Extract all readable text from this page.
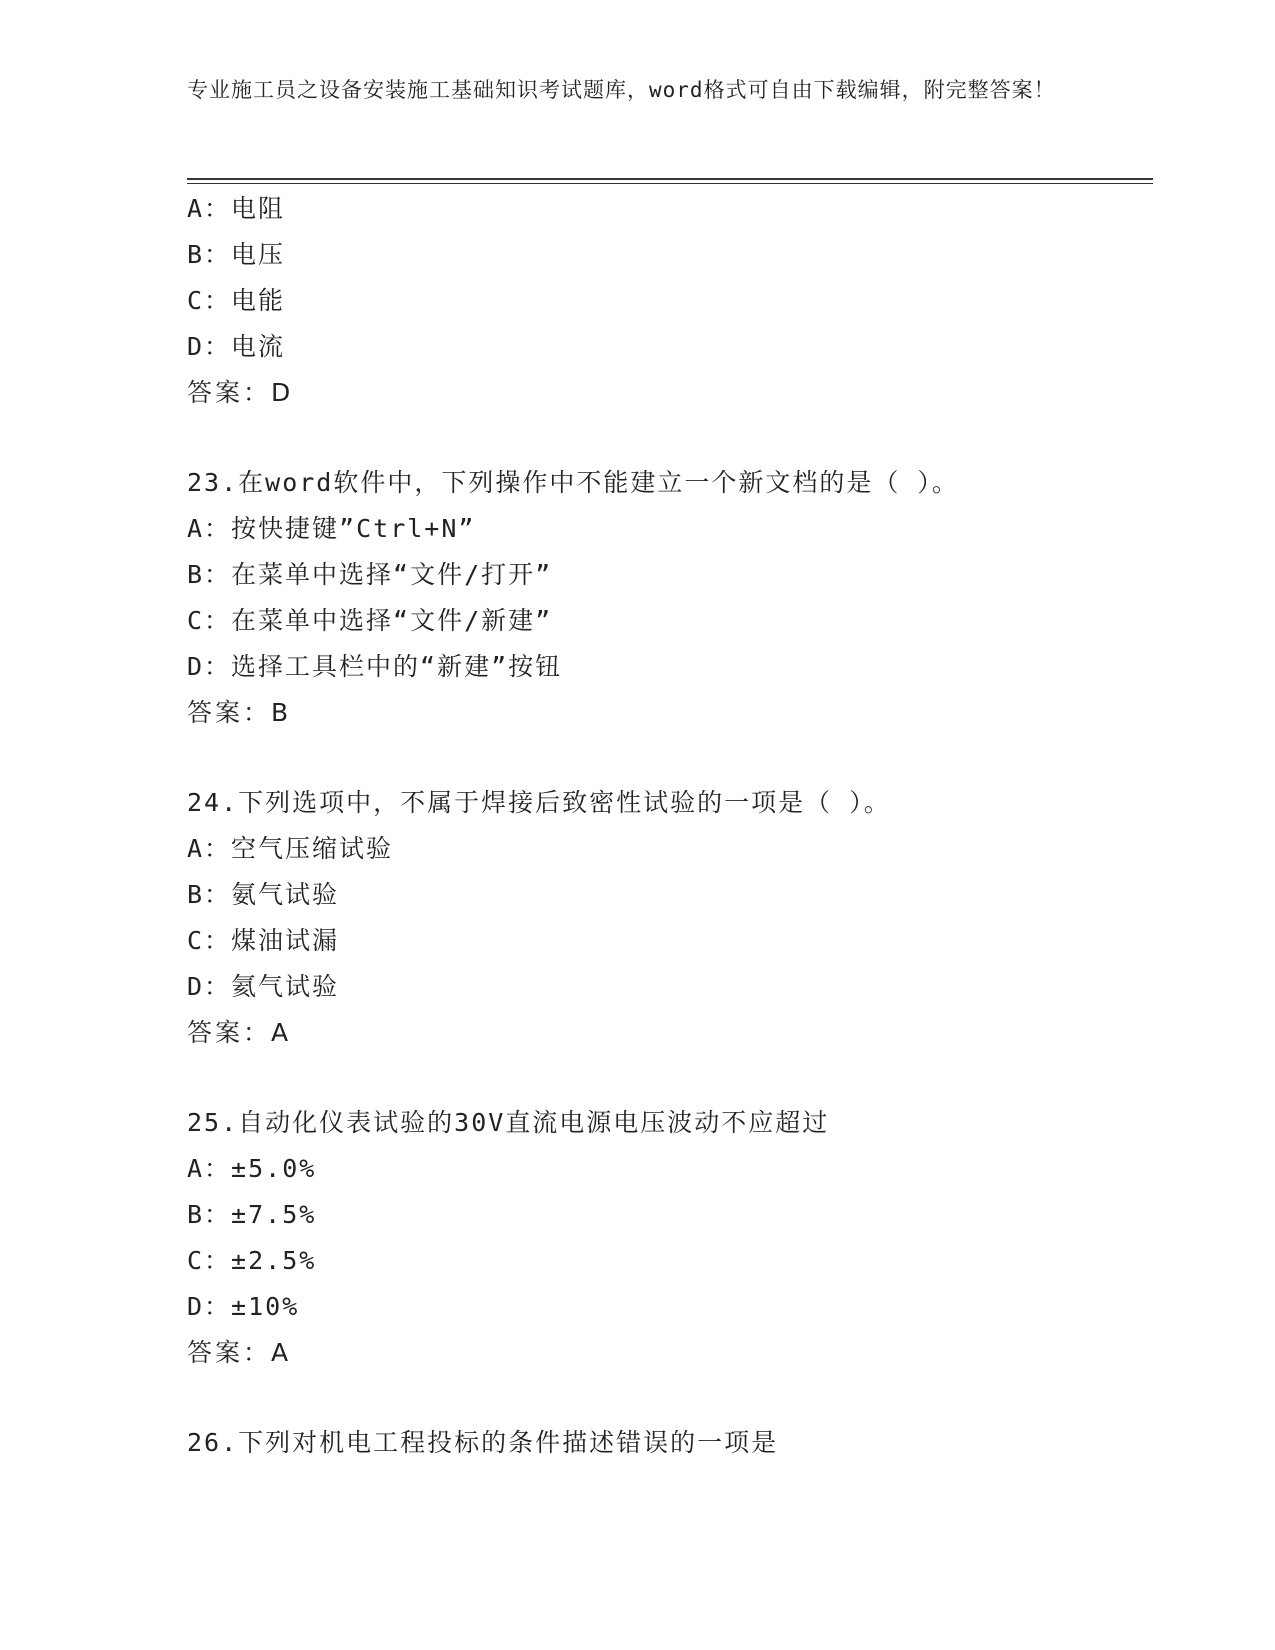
专业施工员之设备安装施工基础知识考试题库，word格式可自由下载编辑，附完整答案！
A：电阻
B：电压
C：电能
D：电流
答案：D
23.在word软件中，下列操作中不能建立一个新文档的是（ ）。
A：按快捷键”Ctrl+N”
B：在菜单中选择“文件/打开”
C：在菜单中选择“文件/新建”
D：选择工具栏中的“新建”按钮
答案：B
24.下列选项中，不属于焊接后致密性试验的一项是（ ）。
A：空气压缩试验
B：氨气试验
C：煤油试漏
D：氦气试验
答案：A
25.自动化仪表试验的30V直流电源电压波动不应超过
A：±5.0%
B：±7.5%
C：±2.5%
D：±10%
答案：A
26.下列对机电工程投标的条件描述错误的一项是
